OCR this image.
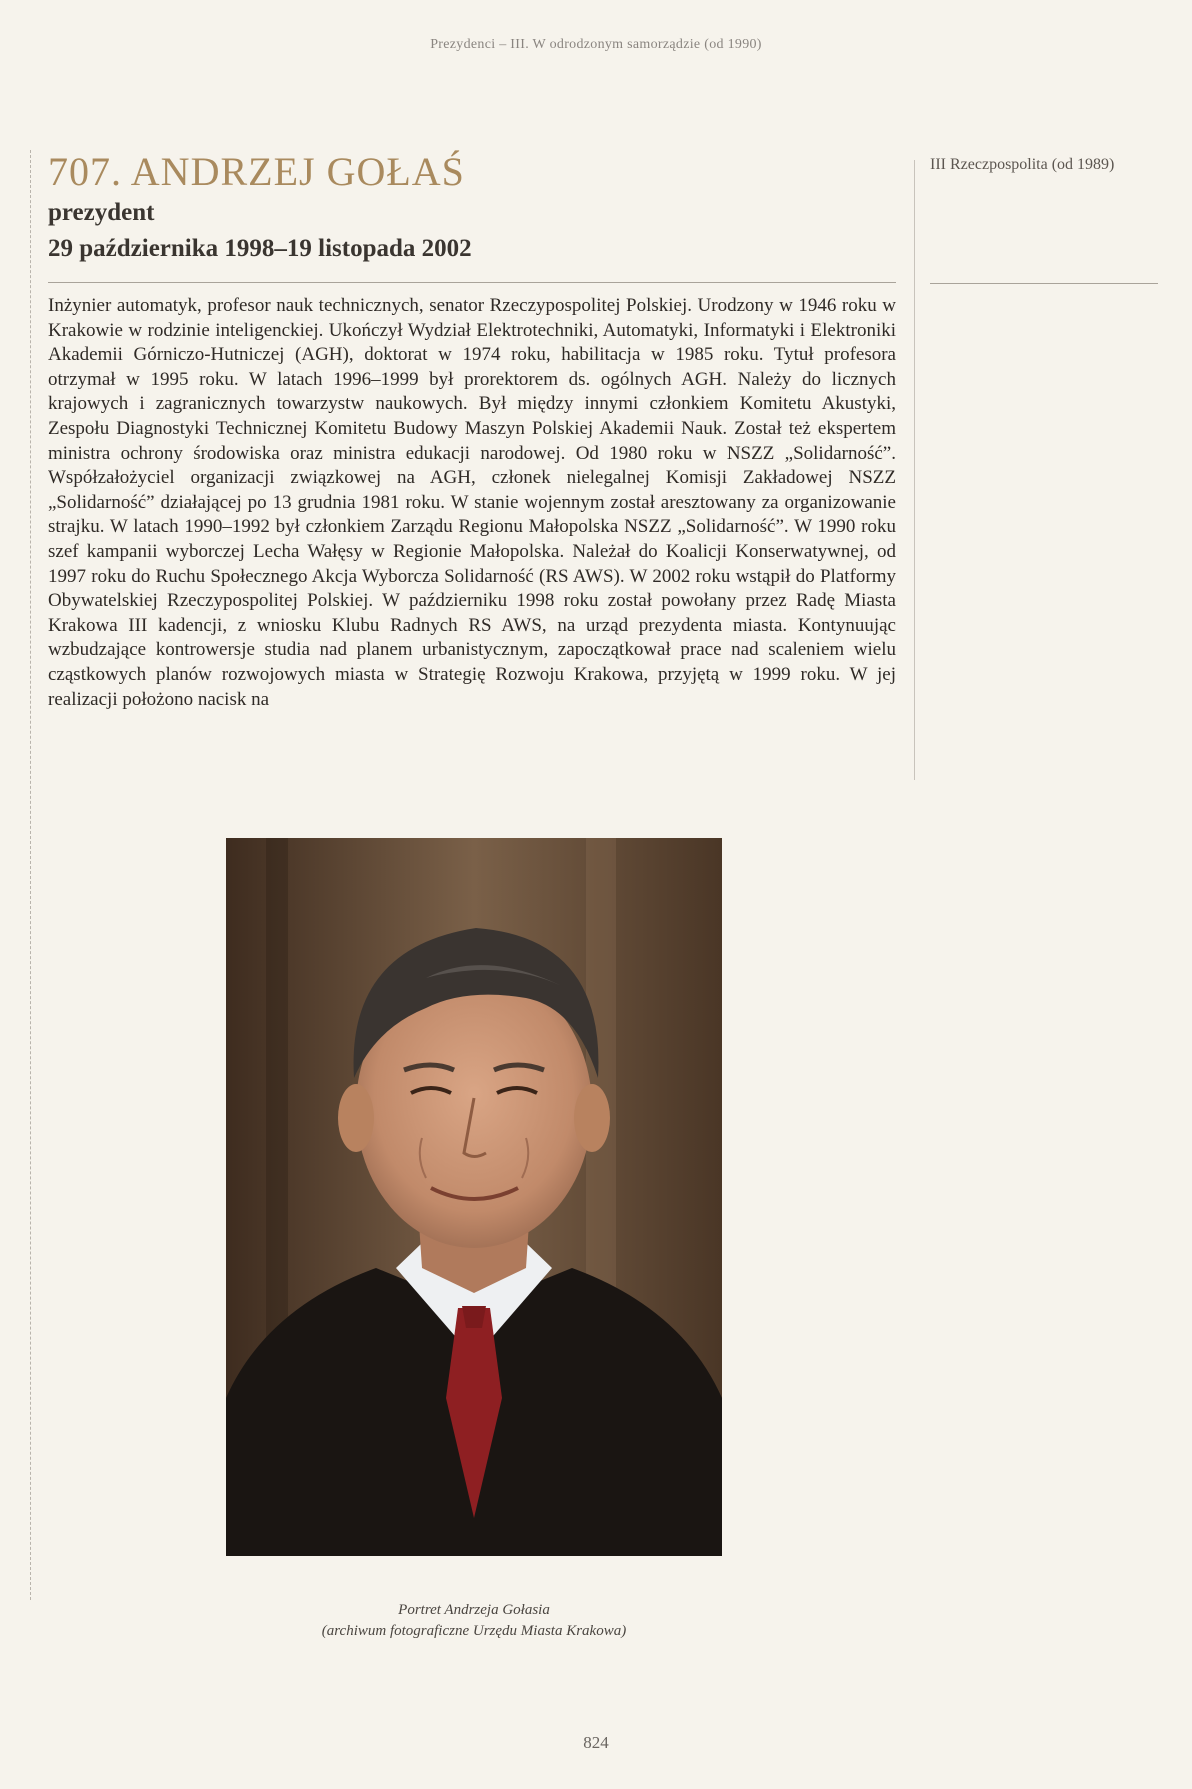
Prezydenci – III. W odrodzonym samorządzie (od 1990)
III Rzeczpospolita (od 1989)
707. ANDRZEJ GOŁAŚ
prezydent
29 października 1998–19 listopada 2002

Inżynier automatyk, profesor nauk technicznych, senator Rzeczypospolitej Polskiej. Urodzony w 1946 roku w Krakowie w rodzinie inteligenckiej. Ukończył Wydział Elektrotechniki, Automatyki, Informatyki i Elektroniki Akademii Górniczo-Hutniczej (AGH), doktorat w 1974 roku, habilitacja w 1985 roku. Tytuł profesora otrzymał w 1995 roku. W latach 1996–1999 był prorektorem ds. ogólnych AGH. Należy do licznych krajowych i zagranicznych towarzystw naukowych. Był między innymi członkiem Komitetu Akustyki, Zespołu Diagnostyki Technicznej Komitetu Budowy Maszyn Polskiej Akademii Nauk. Został też ekspertem ministra ochrony środowiska oraz ministra edukacji narodowej. Od 1980 roku w NSZZ „Solidarność”. Współzałożyciel organizacji związkowej na AGH, członek nielegalnej Komisji Zakładowej NSZZ „Solidarność” działającej po 13 grudnia 1981 roku. W stanie wojennym został aresztowany za organizowanie strajku. W latach 1990–1992 był członkiem Zarządu Regionu Małopolska NSZZ „Solidarność”. W 1990 roku szef kampanii wyborczej Lecha Wałęsy w Regionie Małopolska. Należał do Koalicji Konserwatywnej, od 1997 roku do Ruchu Społecznego Akcja Wyborcza Solidarność (RS AWS). W 2002 roku wstąpił do Platformy Obywatelskiej Rzeczypospolitej Polskiej. W październiku 1998 roku został powołany przez Radę Miasta Krakowa III kadencji, z wniosku Klubu Radnych RS AWS, na urząd prezydenta miasta. Kontynuując wzbudzające kontrowersje studia nad planem urbanistycznym, zapoczątkował prace nad scaleniem wielu cząstkowych planów rozwojowych miasta w Strategię Rozwoju Krakowa, przyjętą w 1999 roku. W jej realizacji położono nacisk na

Portret Andrzeja Gołasia
(archiwum fotograficzne Urzędu Miasta Krakowa)
824
